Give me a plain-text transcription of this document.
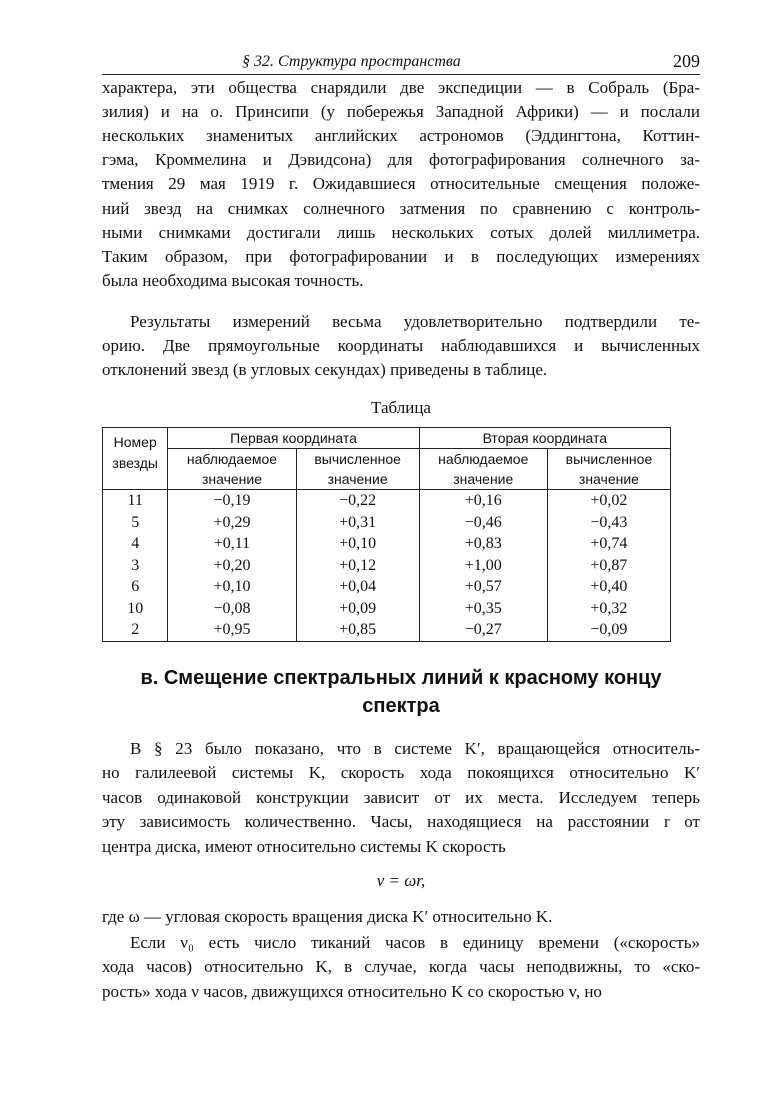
§ 32. Структура пространства	209
характера, эти общества снарядили две экспедиции — в Собраль (Бра-
зилия) и на о. Принсипи (у побережья Западной Африки) — и послали
нескольких знаменитых английских астрономов (Эддингтона, Коттин-
гэма, Кроммелина и Дэвидсона) для фотографирования солнечного за-
тмения 29 мая 1919 г. Ожидавшиеся относительные смещения положе-
ний звезд на снимках солнечного затмения по сравнению с контроль-
ными снимками достигали лишь нескольких сотых долей миллиметра.
Таким образом, при фотографировании и в последующих измерениях
была необходима высокая точность.
Результаты измерений весьма удовлетворительно подтвердили те-
орию. Две прямоугольные координаты наблюдавшихся и вычисленных
отклонений звезд (в угловых секундах) приведены в таблице.
В § 23 было показано, что в системе K′, вращающейся относитель-
но галилеевой системы K, скорость хода покоящихся относительно K′
часов одинаковой конструкции зависит от их места. Исследуем теперь
эту зависимость количественно. Часы, находящиеся на расстоянии r от
центра диска, имеют относительно системы K скорость
где ω — угловая скорость вращения диска K′ относительно K.
Если ν₀ есть число тиканий часов в единицу времени («скорость»
хода часов) относительно K, в случае, когда часы неподвижны, то «ско-
рость» хода ν часов, движущихся относительно K со скоростью v, но
Таблица
Номер
звезды	Первая координата		Вторая координата	
	наблюдаемое	вычисленное	наблюдаемое	вычисленное
	значение	значение	значение	значение
11	−0,19	−0,22	+0,16	+0,02
5	+0,29	+0,31	−0,46	−0,43
4	+0,11	+0,10	+0,83	+0,74
3	+0,20	+0,12	+1,00	+0,87
6	+0,10	+0,04	+0,57	+0,40
10	−0,08	+0,09	+0,35	+0,32
2	+0,95	+0,85	−0,27	−0,09
в. Смещение спектральных линий к красному концу
спектра
v = ωr,
